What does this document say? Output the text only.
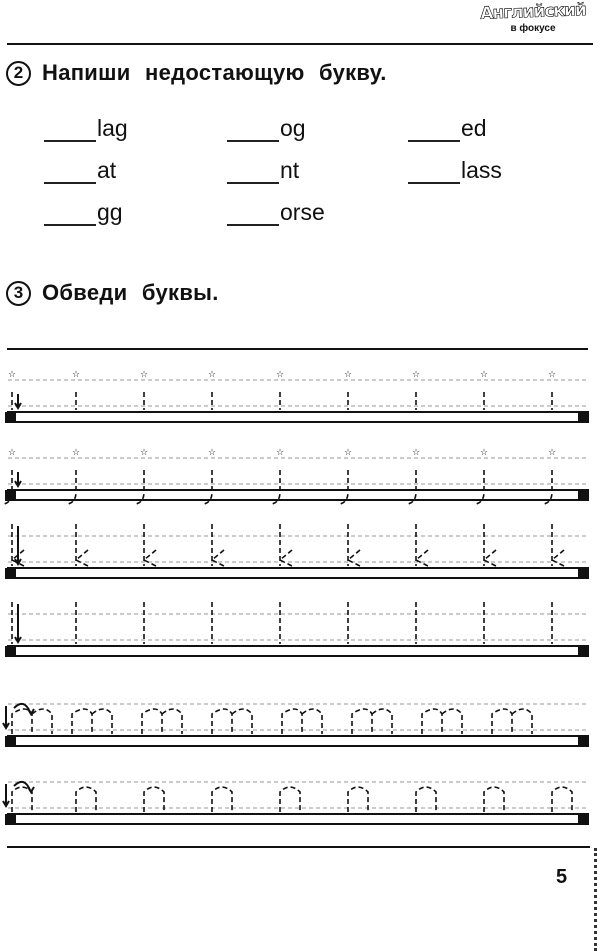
Английский
в фокусе
2 Напиши недостающую букву.
lag	og	ed
at	nt	lass
gg	orse
3 Обведи буквы.
☆	☆	☆	☆	☆	☆	☆	☆	☆
☆	☆	☆	☆	☆	☆	☆	☆	☆
5
